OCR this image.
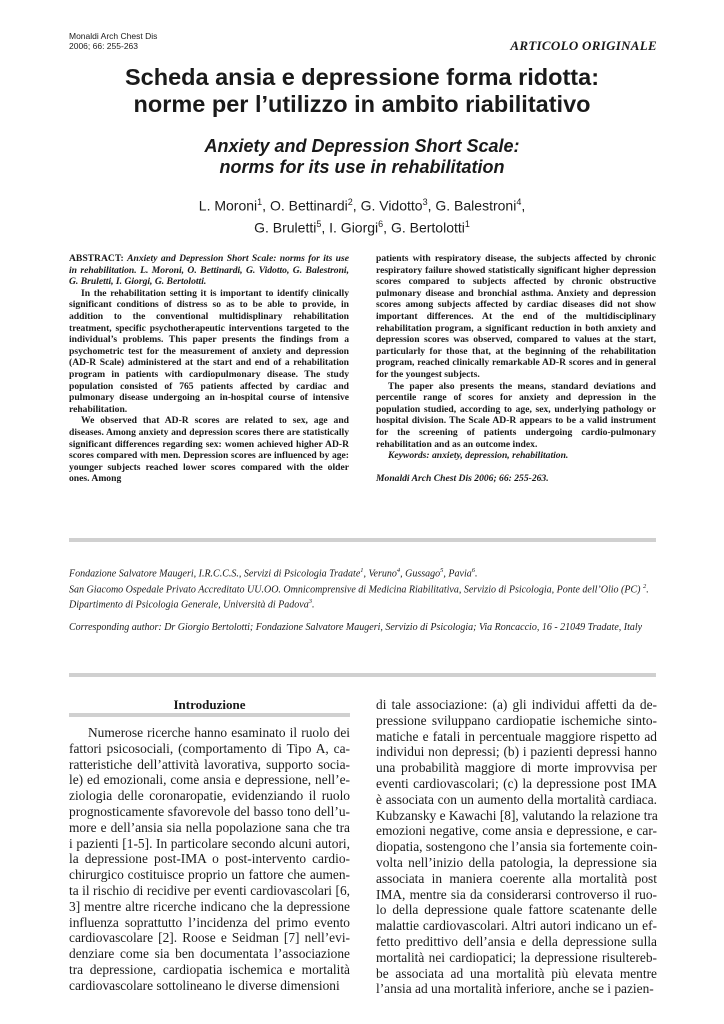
Monaldi Arch Chest Dis
2006; 66: 255-263	ARTICOLO ORIGINALE
Scheda ansia e depressione forma ridotta:
norme per l’utilizzo in ambito riabilitativo
Anxiety and Depression Short Scale:
norms for its use in rehabilitation
L. Moroni$^1$, O. Bettinardi$^2$, G. Vidotto$^3$, G. Balestroni$^4$,
G. Bruletti$^5$, I. Giorgi$^6$, G. Bertolotti$^1$

ABSTRACT: Anxiety and Depression Short Scale: norms for its use in rehabilitation. L. Moroni, O. Bettinardi, G. Vidotto, G. Balestroni, G. Bruletti, I. Giorgi, G. Bertolotti.

In the rehabilitation setting it is important to identify clinically significant conditions of distress so as to be able to provide, in addition to the conventional multidisplinary rehabilitation treatment, specific psychotherapeutic interventions targeted to the individual’s problems. This paper presents the findings from a psychometric test for the measurement of anxiety and depression (AD-R Scale) administered at the start and end of a rehabilitation program in patients with cardiopulmonary disease. The study population consisted of 765 patients affected by cardiac and pulmonary disease undergoing an in-hospital course of intensive rehabilitation.

We observed that AD-R scores are related to sex, age and diseases. Among anxiety and depression scores there are statistically significant differences regarding sex: women achieved higher AD-R scores compared with men. Depression scores are influenced by age: younger subjects reached lower scores compared with the older ones. Among

patients with respiratory disease, the subjects affected by chronic respiratory failure showed statistically significant higher depression scores compared to subjects affected by chronic obstructive pulmonary disease and bronchial asthma. Anxiety and depression scores among subjects affected by cardiac diseases did not show important differences. At the end of the multidisciplinary rehabilitation program, a significant reduction in both anxiety and depression scores was observed, compared to values at the start, particularly for those that, at the beginning of the rehabilitation program, reached clinically remarkable AD-R scores and in general for the youngest subjects.

The paper also presents the means, standard deviations and percentile range of scores for anxiety and depression in the population studied, according to age, sex, underlying pathology or hospital division. The Scale AD-R appears to be a valid instrument for the screening of patients undergoing cardio-pulmonary rehabilitation and as an outcome index.

Keywords: anxiety, depression, rehabilitation.

Monaldi Arch Chest Dis 2006; 66: 255-263.

Fondazione Salvatore Maugeri, I.R.C.C.S., Servizi di Psicologia Tradate$^1$, Veruno$^4$, Gussago$^5$, Pavia$^6$.

San Giacomo Ospedale Privato Accreditato UU.OO. Omnicomprensive di Medicina Riabilitativa, Servizio di Psicologia, Ponte dell’Olio (PC) $^2$.

Dipartimento di Psicologia Generale, Università di Padova$^3$.

Corresponding author: Dr Giorgio Bertolotti; Fondazione Salvatore Maugeri, Servizio di Psicologia; Via Roncaccio, 16 - 21049 Tradate, Italy

Introduzione
Numerose ricerche hanno esaminato il ruolo dei
fattori psicosociali, (comportamento di Tipo A, ca-
ratteristiche dell’attività lavorativa, supporto socia-
le) ed emozionali, come ansia e depressione, nell’e-
ziologia delle coronaropatie, evidenziando il ruolo
prognosticamente sfavorevole del basso tono dell’u-
more e dell’ansia sia nella popolazione sana che tra
i pazienti [1-5]. In particolare secondo alcuni autori,
la depressione post-IMA o post-intervento cardio-
chirurgico costituisce proprio un fattore che aumen-
ta il rischio di recidive per eventi cardiovascolari [6,
3] mentre altre ricerche indicano che la depressione
influenza soprattutto l’incidenza del primo evento
cardiovascolare [2]. Roose e Seidman [7] nell’evi-
denziare come sia ben documentata l’associazione
tra depressione, cardiopatia ischemica e mortalità
cardiovascolare sottolineano le diverse dimensioni
di tale associazione: (a) gli individui affetti da de-
pressione sviluppano cardiopatie ischemiche sinto-
matiche e fatali in percentuale maggiore rispetto ad
individui non depressi; (b) i pazienti depressi hanno
una probabilità maggiore di morte improvvisa per
eventi cardiovascolari; (c) la depressione post IMA
è associata con un aumento della mortalità cardiaca.
Kubzansky e Kawachi [8], valutando la relazione tra
emozioni negative, come ansia e depressione, e car-
diopatia, sostengono che l’ansia sia fortemente coin-
volta nell’inizio della patologia, la depressione sia
associata in maniera coerente alla mortalità post
IMA, mentre sia da considerarsi controverso il ruo-
lo della depressione quale fattore scatenante delle
malattie cardiovascolari. Altri autori indicano un ef-
fetto predittivo dell’ansia e della depressione sulla
mortalità nei cardiopatici; la depressione risultereb-
be associata ad una mortalità più elevata mentre
l’ansia ad una mortalità inferiore, anche se i pazien-
